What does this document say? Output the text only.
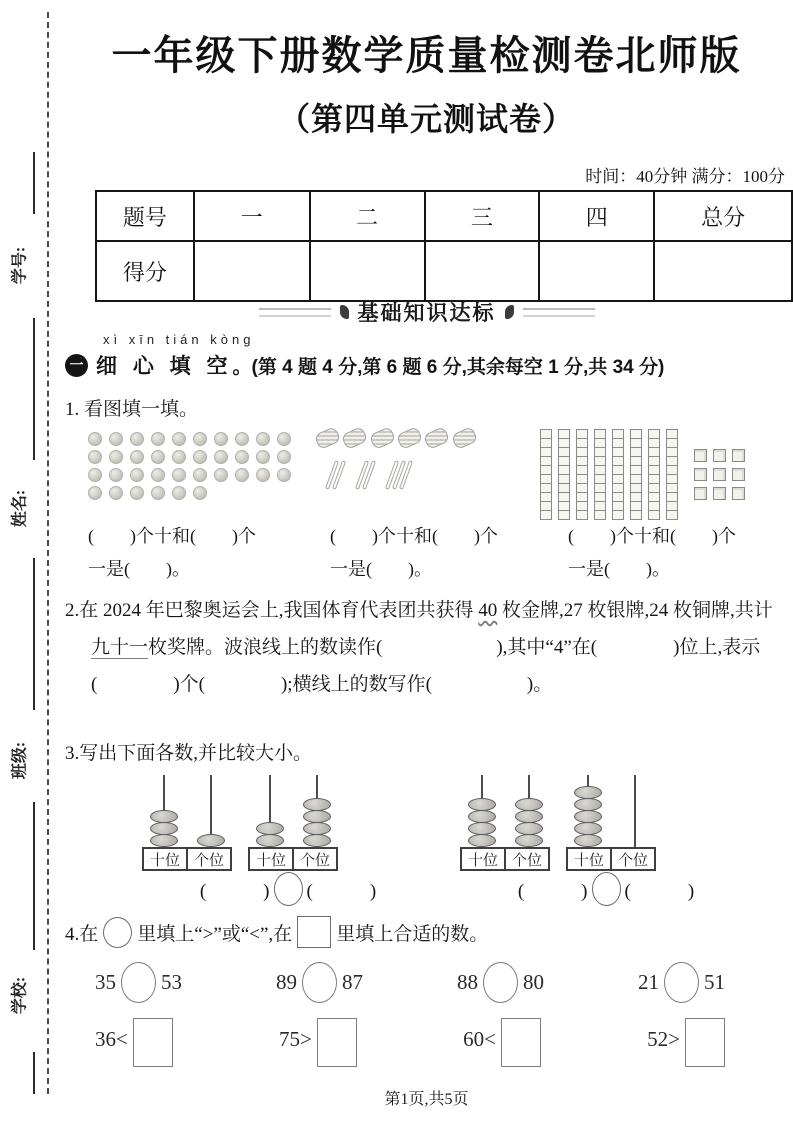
学号:
姓名:
班级:
学校:
一年级下册数学质量检测卷北师版
（第四单元测试卷）
时间：40分钟 满分：100分
题号	一	二	三	四	总分
得分					
基础知识达标
xì xīn tián kòng
一 细 心 填 空 。(第 4 题 4 分,第 6 题 6 分,其余每空 1 分,共 34 分)
1. 看图填一填。
(　　)个十和(　　)个
一是(　　)。
(　　)个十和(　　)个
一是(　　)。
(　　)个十和(　　)个
一是(　　)。
2.在 2024 年巴黎奥运会上,我国体育代表团共获得 40 枚金牌,27 枚银牌,24 枚铜牌,共计九十一枚奖牌。波浪线上的数读作(　　　　　　),其中“4”在(　　　　)位上,表示(　　　　)个(　　　　);横线上的数写作(　　　　　)。
3.写出下面各数,并比较大小。
十位 个位	十位 个位	十位 个位	十位 个位
(　　　) (　　　)	(　　　) (　　　)
4.在 里填上“>”或“<”,在 里填上合适的数。
35 53	89 87	88 80	21 51
36<	75>	60<	52>
第1页,共5页
